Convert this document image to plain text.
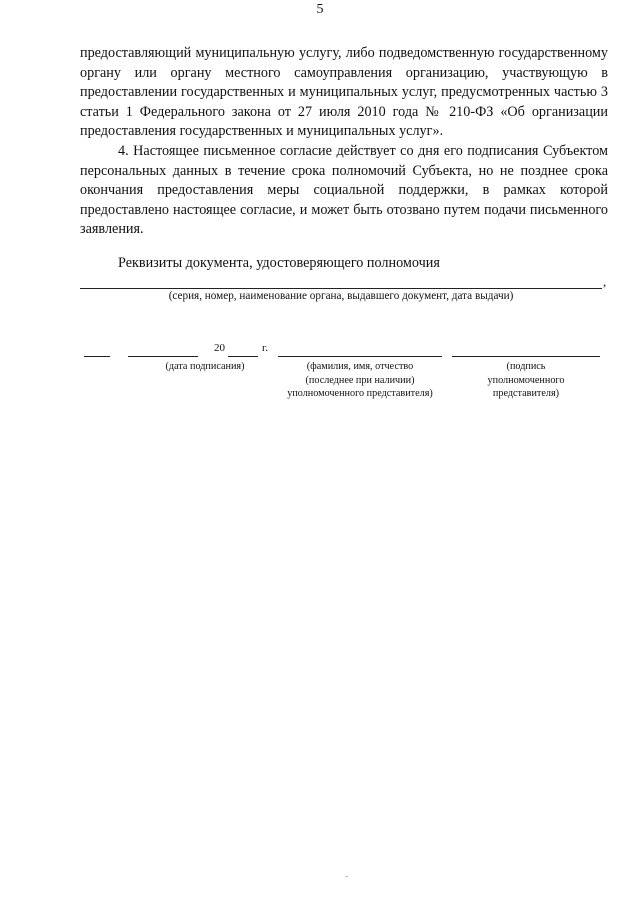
5

предоставляющий муниципальную услугу, либо подведомственную государственному органу или органу местного самоуправления организацию, участвующую в предоставлении государственных и муниципальных услуг, предусмотренных частью 3 статьи 1 Федерального закона от 27 июля 2010 года № 210-ФЗ «Об организации предоставления государственных и муниципальных услуг».

4. Настоящее письменное согласие действует со дня его подписания Субъектом персональных данных в течение срока полномочий Субъекта, но не позднее срока окончания предоставления меры социальной поддержки, в рамках которой предоставлено настоящее согласие, и может быть отозвано путем подачи письменного заявления.

Реквизиты документа, удостоверяющего полномочия
,
(серия, номер, наименование органа, выдавшего документ, дата выдачи)
20	г.
(дата подписания)	(фамилия, имя, отчество
(последнее при наличии)
уполномоченного представителя)
(подпись
уполномоченного
представителя)
